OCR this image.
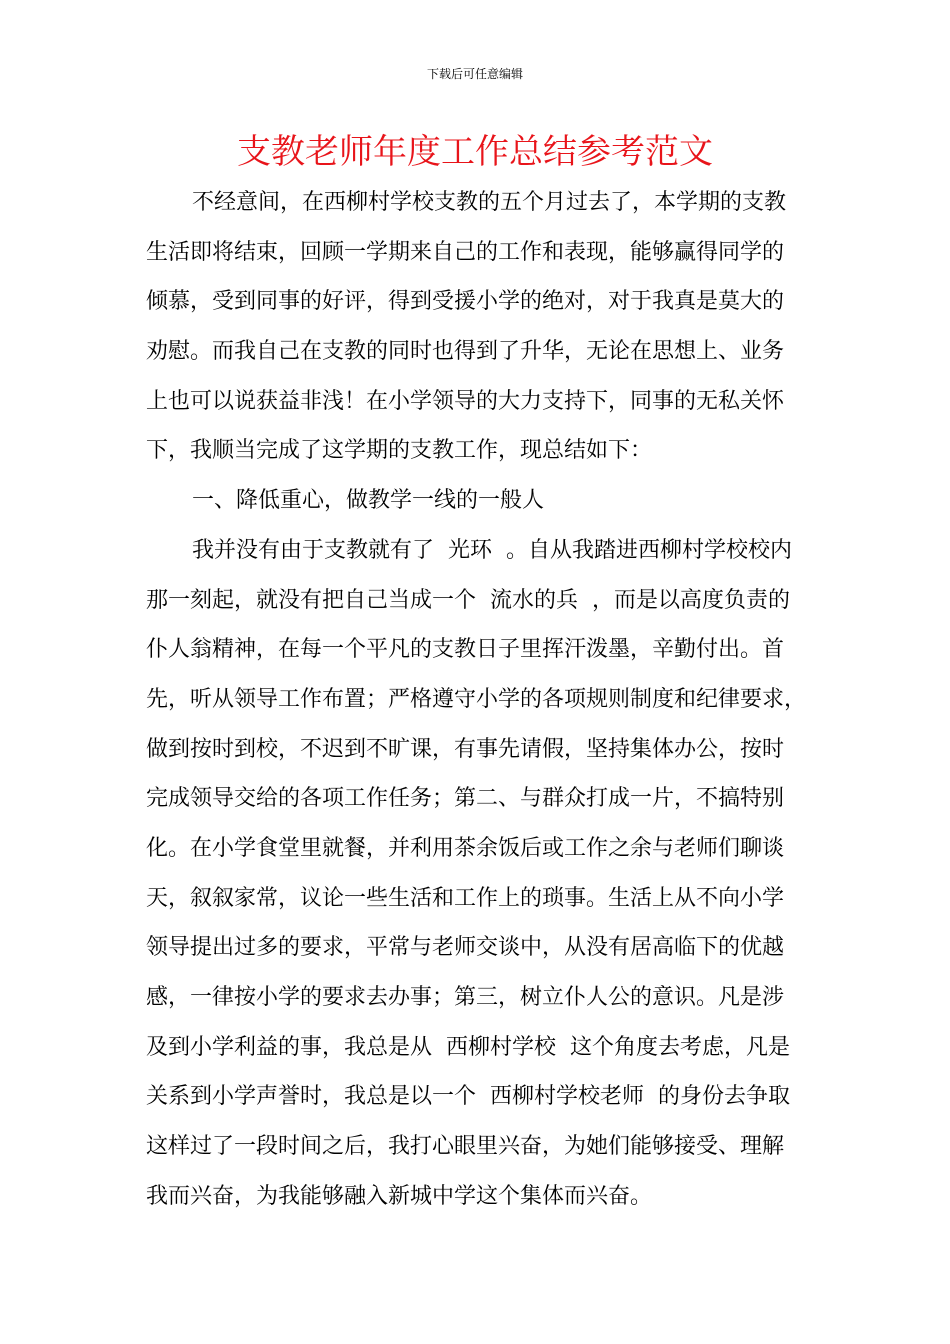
下载后可任意编辑
支教老师年度工作总结参考范文
不经意间，在西柳村学校支教的五个月过去了，本学期的支教
生活即将结束，回顾一学期来自己的工作和表现，能够赢得同学的
倾慕，受到同事的好评，得到受援小学的绝对，对于我真是莫大的
劝慰。而我自己在支教的同时也得到了升华，无论在思想上、业务
上也可以说获益非浅！在小学领导的大力支持下，同事的无私关怀
下，我顺当完成了这学期的支教工作，现总结如下：
一、降低重心，做教学一线的一般人
我并没有由于支教就有了  光环  。自从我踏进西柳村学校校内
那一刻起，就没有把自己当成一个  流水的兵  ，而是以高度负责的
仆人翁精神，在每一个平凡的支教日子里挥汗泼墨，辛勤付出。首
先，听从领导工作布置；严格遵守小学的各项规则制度和纪律要求，
做到按时到校，不迟到不旷课，有事先请假，坚持集体办公，按时
完成领导交给的各项工作任务；第二、与群众打成一片，不搞特别
化。在小学食堂里就餐，并利用茶余饭后或工作之余与老师们聊谈
天，叙叙家常，议论一些生活和工作上的琐事。生活上从不向小学
领导提出过多的要求，平常与老师交谈中，从没有居高临下的优越
感，一律按小学的要求去办事；第三，树立仆人公的意识。凡是涉
及到小学利益的事，我总是从  西柳村学校  这个角度去考虑，凡是
关系到小学声誉时，我总是以一个  西柳村学校老师  的身份去争取
这样过了一段时间之后，我打心眼里兴奋，为她们能够接受、理解
我而兴奋，为我能够融入新城中学这个集体而兴奋。
